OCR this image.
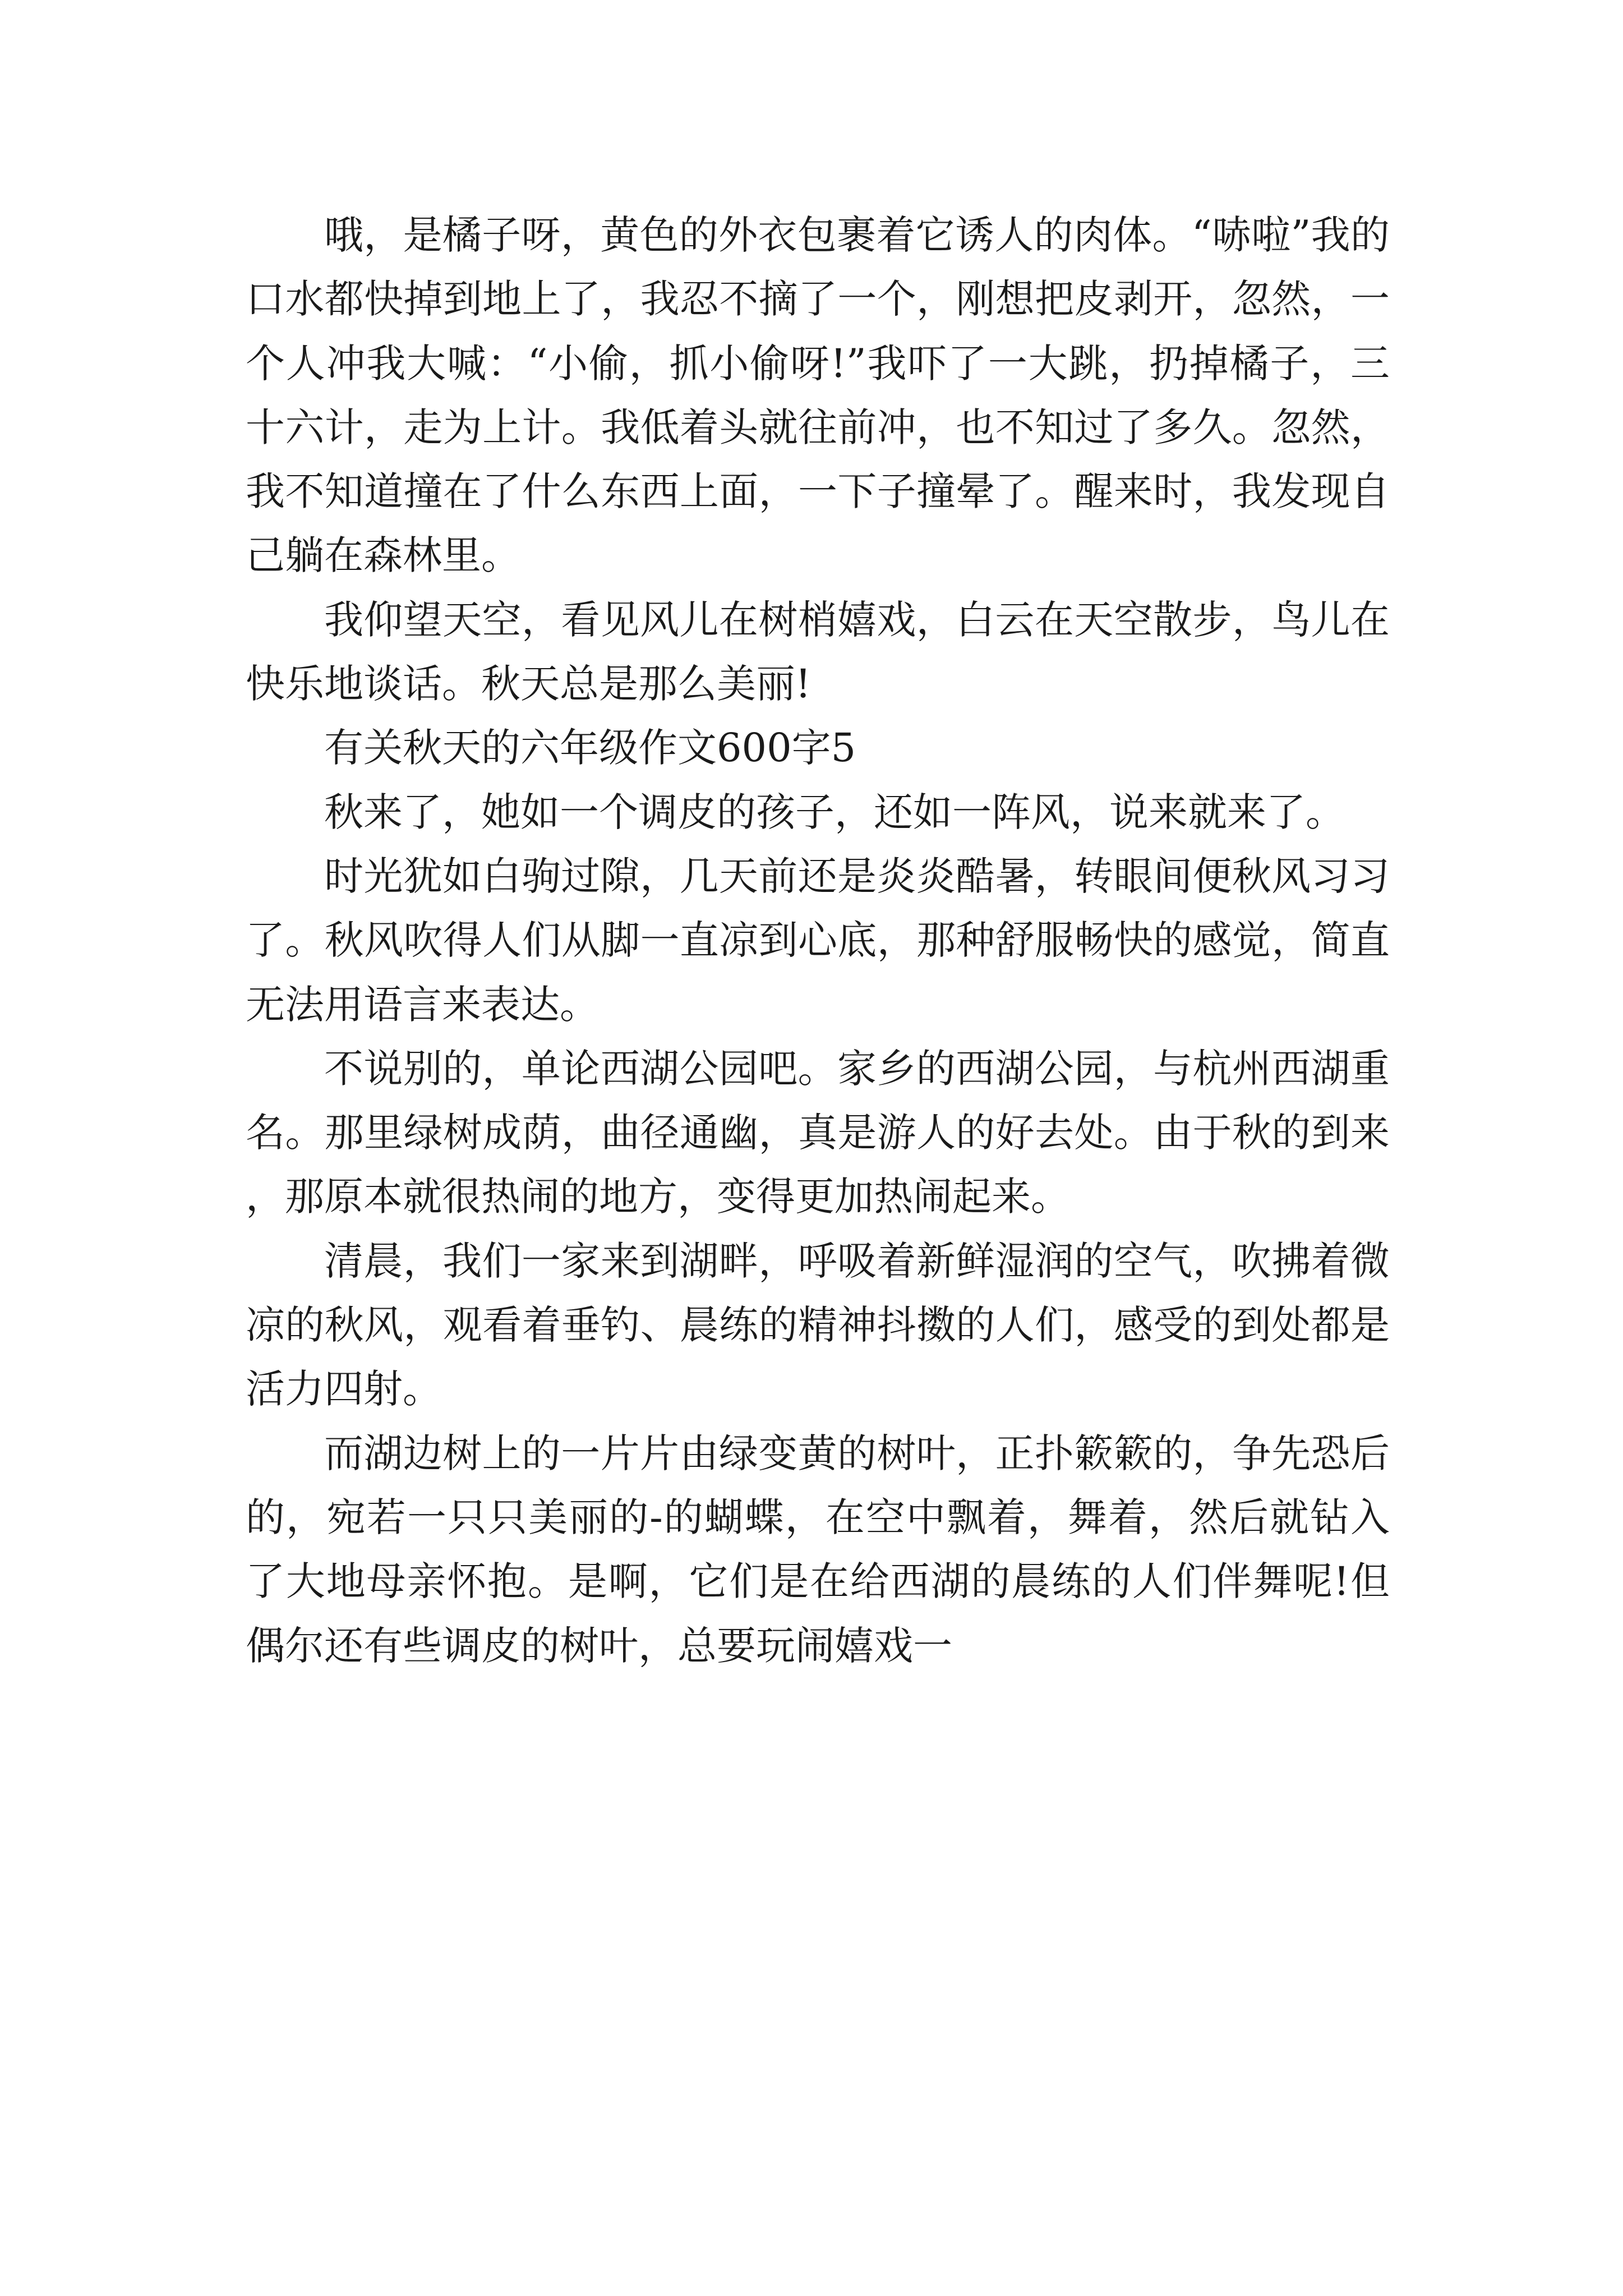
哦，是橘子呀，黄色的外衣包裹着它诱人的肉体。“哧啦”我的口水都快掉到地上了，我忍不摘了一个，刚想把皮剥开，忽然，一个人冲我大喊：“小偷，抓小偷呀!”我吓了一大跳，扔掉橘子，三十六计，走为上计。我低着头就往前冲，也不知过了多久。忽然，我不知道撞在了什么东西上面，一下子撞晕了。醒来时，我发现自己躺在森林里。

我仰望天空，看见风儿在树梢嬉戏，白云在天空散步，鸟儿在快乐地谈话。秋天总是那么美丽!

有关秋天的六年级作文600字5

秋来了，她如一个调皮的孩子，还如一阵风，说来就来了。

时光犹如白驹过隙，几天前还是炎炎酷暑，转眼间便秋风习习了。秋风吹得人们从脚一直凉到心底，那种舒服畅快的感觉，简直无法用语言来表达。

不说别的，单论西湖公园吧。家乡的西湖公园，与杭州西湖重名。那里绿树成荫，曲径通幽，真是游人的好去处。由于秋的到来，那原本就很热闹的地方，变得更加热闹起来。

清晨，我们一家来到湖畔，呼吸着新鲜湿润的空气，吹拂着微凉的秋风，观看着垂钓、晨练的精神抖擞的人们，感受的到处都是活力四射。

而湖边树上的一片片由绿变黄的树叶，正扑簌簌的，争先恐后的，宛若一只只美丽的-的蝴蝶，在空中飘着，舞着，然后就钻入了大地母亲怀抱。是啊，它们是在给西湖的晨练的人们伴舞呢!但偶尔还有些调皮的树叶，总要玩闹嬉戏一
